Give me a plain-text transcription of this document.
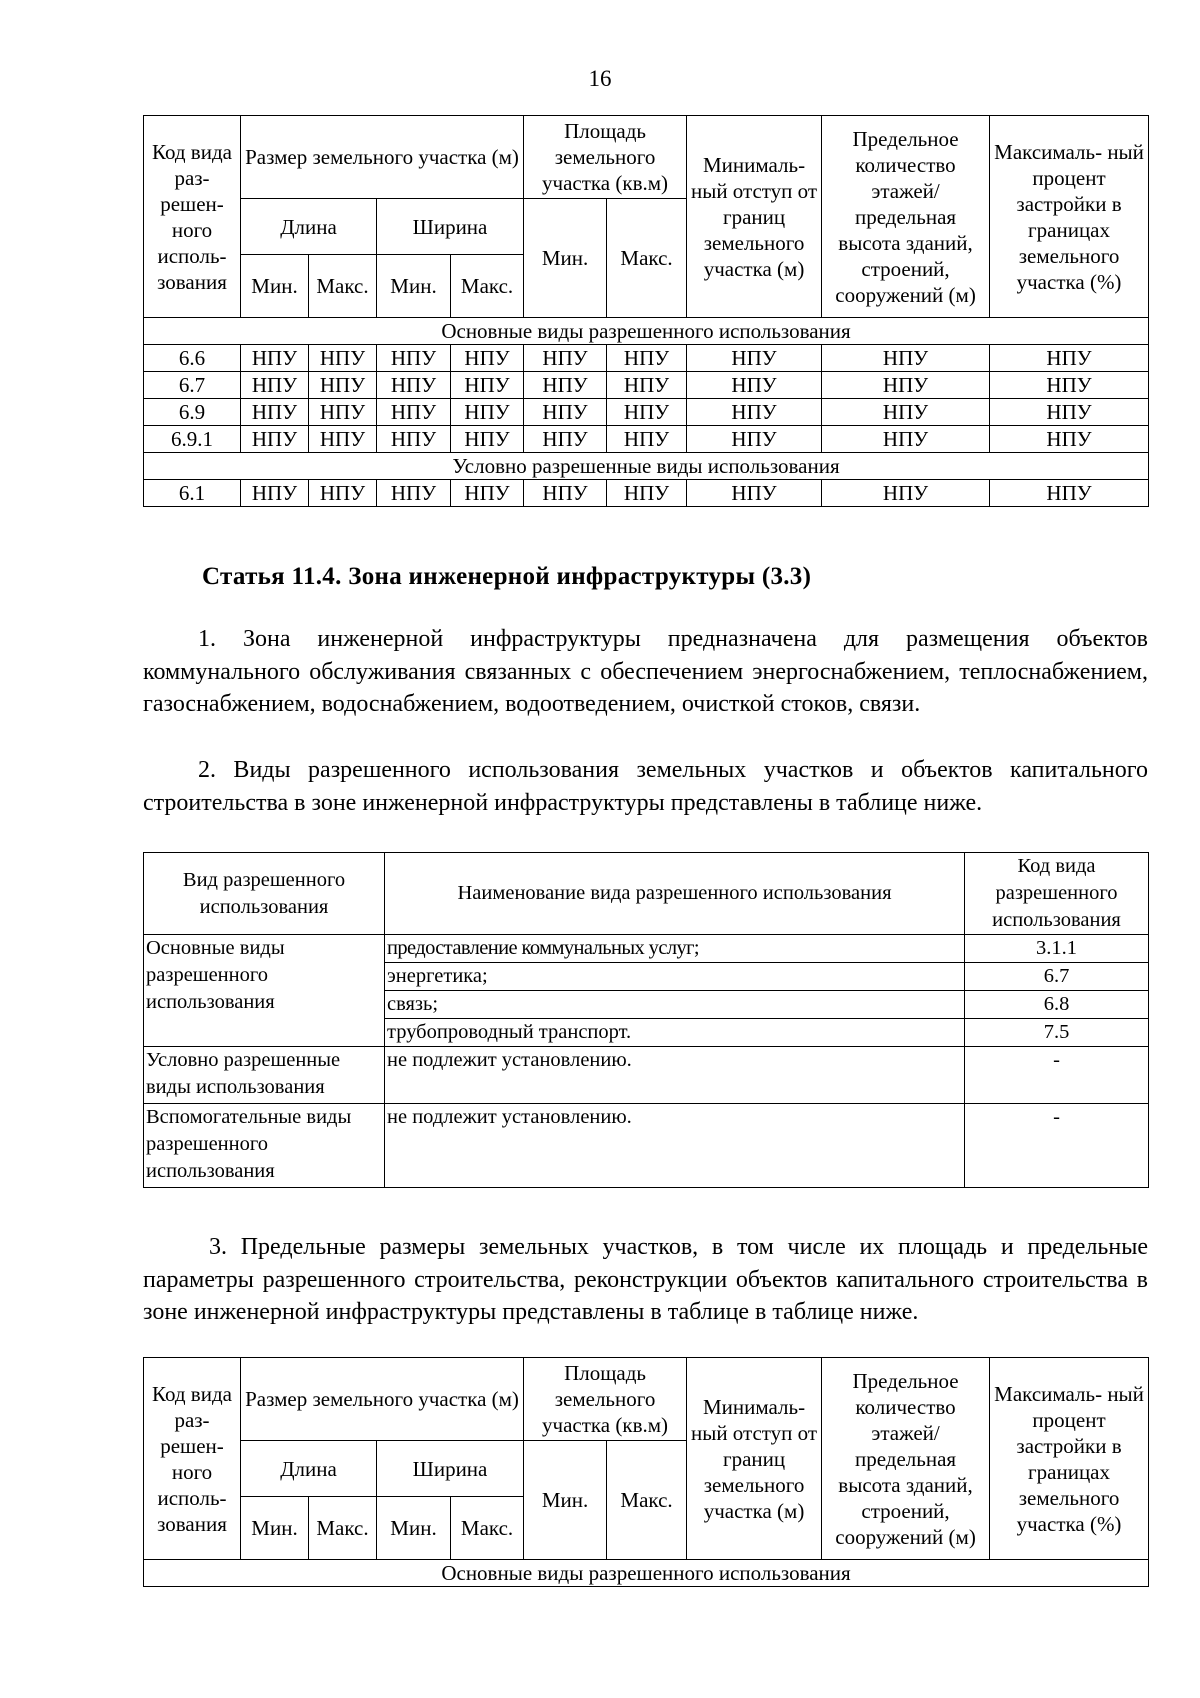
16
Код вида раз- решен- ного исполь- зования	Размер земельного участка (м)				Площадь земельного участка (кв.м)		Минималь- ный отступ от границ земельного участка (м)	Предельное количество этажей/ предельная высота зданий, строений, сооружений (м)	Максималь- ный процент застройки в границах земельного участка (%)
	Длина		Ширина		Мин.	Макс.			
	Мин.	Макс.	Мин.	Макс.					
Основные виды разрешенного использования									
6.6	НПУ	НПУ	НПУ	НПУ	НПУ	НПУ	НПУ	НПУ	НПУ
6.7	НПУ	НПУ	НПУ	НПУ	НПУ	НПУ	НПУ	НПУ	НПУ
6.9	НПУ	НПУ	НПУ	НПУ	НПУ	НПУ	НПУ	НПУ	НПУ
6.9.1	НПУ	НПУ	НПУ	НПУ	НПУ	НПУ	НПУ	НПУ	НПУ
Условно разрешенные виды использования									
6.1	НПУ	НПУ	НПУ	НПУ	НПУ	НПУ	НПУ	НПУ	НПУ
Статья 11.4. Зона инженерной инфраструктуры (3.3)

1. Зона инженерной инфраструктуры предназначена для размещения объектов коммунального обслуживания связанных с обеспечением энергоснабжением, теплоснабжением, газоснабжением, водоснабжением, водоотведением, очисткой стоков, связи.

2. Виды разрешенного использования земельных участков и объектов капитального строительства в зоне инженерной инфраструктуры представлены в таблице ниже.

Вид разрешенного использования	Наименование вида разрешенного использования	Код вида разрешенного использования
Основные виды разрешенного использования	предоставление коммунальных услуг;	3.1.1
	энергетика;	6.7
	связь;	6.8
	трубопроводный транспорт.	7.5
Условно разрешенные виды использования	не подлежит установлению.	-
Вспомогательные виды разрешенного использования	не подлежит установлению.	-

3. Предельные размеры земельных участков, в том числе их площадь и предельные параметры разрешенного строительства, реконструкции объектов капитального строительства в зоне инженерной инфраструктуры представлены в таблице в таблице ниже.

Код вида раз- решен- ного исполь- зования	Размер земельного участка (м)				Площадь земельного участка (кв.м)		Минималь- ный отступ от границ земельного участка (м)	Предельное количество этажей/ предельная высота зданий, строений, сооружений (м)	Максималь- ный процент застройки в границах земельного участка (%)
	Длина		Ширина		Мин.	Макс.			
	Мин.	Макс.	Мин.	Макс.					
Основные виды разрешенного использования									
